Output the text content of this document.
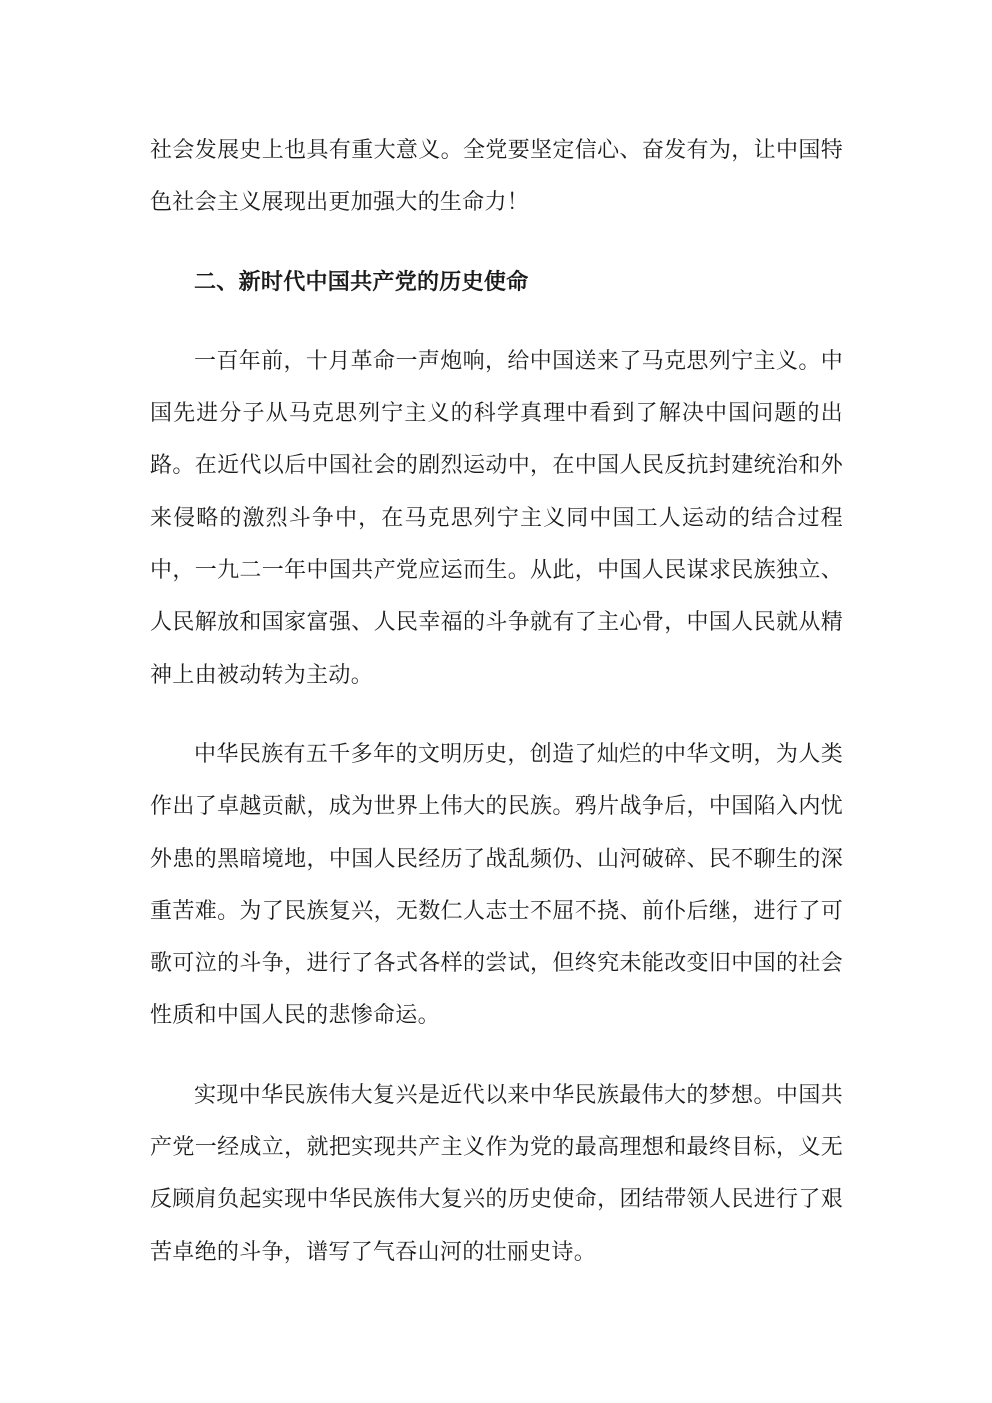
社会发展史上也具有重大意义。全党要坚定信心、奋发有为，让中国特色社会主义展现出更加强大的生命力！

二、新时代中国共产党的历史使命

一百年前，十月革命一声炮响，给中国送来了马克思列宁主义。中国先进分子从马克思列宁主义的科学真理中看到了解决中国问题的出路。在近代以后中国社会的剧烈运动中，在中国人民反抗封建统治和外来侵略的激烈斗争中，在马克思列宁主义同中国工人运动的结合过程中，一九二一年中国共产党应运而生。从此，中国人民谋求民族独立、人民解放和国家富强、人民幸福的斗争就有了主心骨，中国人民就从精神上由被动转为主动。

中华民族有五千多年的文明历史，创造了灿烂的中华文明，为人类作出了卓越贡献，成为世界上伟大的民族。鸦片战争后，中国陷入内忧外患的黑暗境地，中国人民经历了战乱频仍、山河破碎、民不聊生的深重苦难。为了民族复兴，无数仁人志士不屈不挠、前仆后继，进行了可歌可泣的斗争，进行了各式各样的尝试，但终究未能改变旧中国的社会性质和中国人民的悲惨命运。

实现中华民族伟大复兴是近代以来中华民族最伟大的梦想。中国共产党一经成立，就把实现共产主义作为党的最高理想和最终目标，义无反顾肩负起实现中华民族伟大复兴的历史使命，团结带领人民进行了艰苦卓绝的斗争，谱写了气吞山河的壮丽史诗。
